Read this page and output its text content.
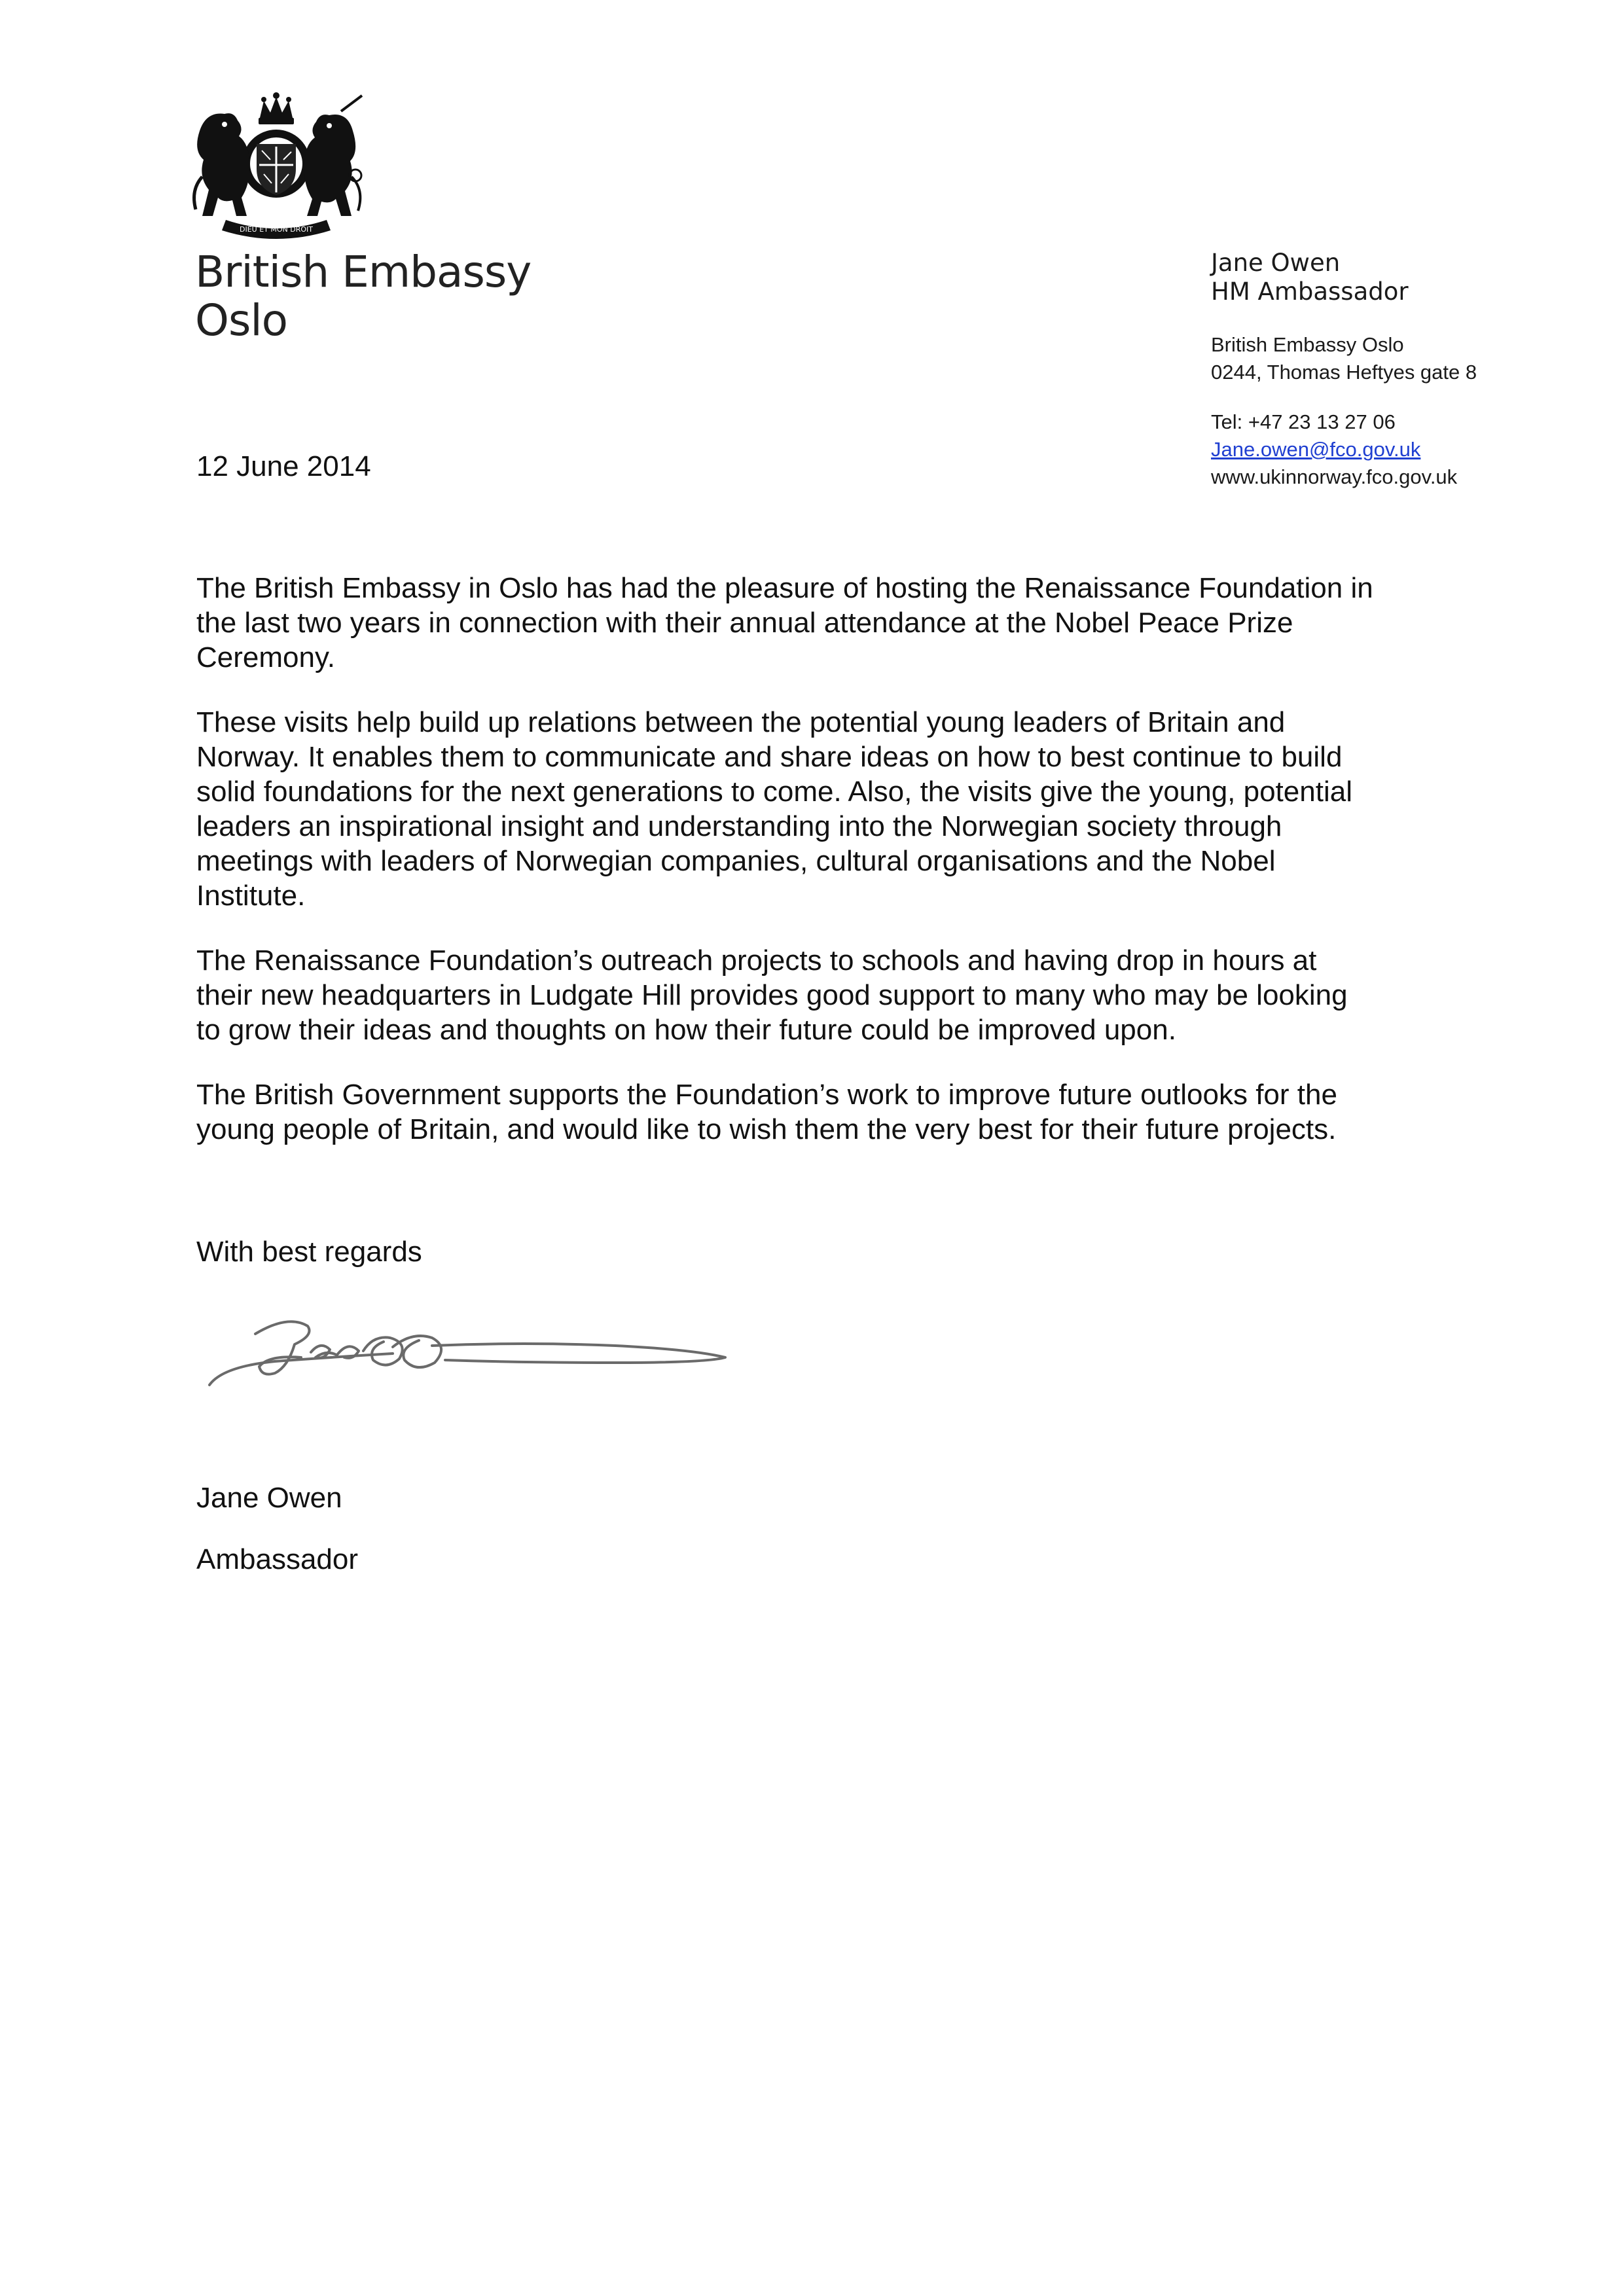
DIEU ET MON DROIT
British Embassy
Oslo
Jane Owen
HM Ambassador
British Embassy Oslo
0244, Thomas Heftyes gate 8
Tel: +47 23 13 27 06
Jane.owen@fco.gov.uk
www.ukinnorway.fco.gov.uk
12 June 2014

The British Embassy in Oslo has had the pleasure of hosting the Renaissance Foundation in
the last two years in connection with their annual attendance at the Nobel Peace Prize
Ceremony.

These visits help build up relations between the potential young leaders of Britain and
Norway. It enables them to communicate and share ideas on how to best continue to build
solid foundations for the next generations to come. Also, the visits give the young, potential
leaders an inspirational insight and understanding into the Norwegian society through
meetings with leaders of Norwegian companies, cultural organisations and the Nobel
Institute.

The Renaissance Foundation’s outreach projects to schools and having drop in hours at
their new headquarters in Ludgate Hill provides good support to many who may be looking
to grow their ideas and thoughts on how their future could be improved upon.

The British Government supports the Foundation’s work to improve future outlooks for the
young people of Britain, and would like to wish them the very best for their future projects.

With best regards
Jane Owen
Ambassador
